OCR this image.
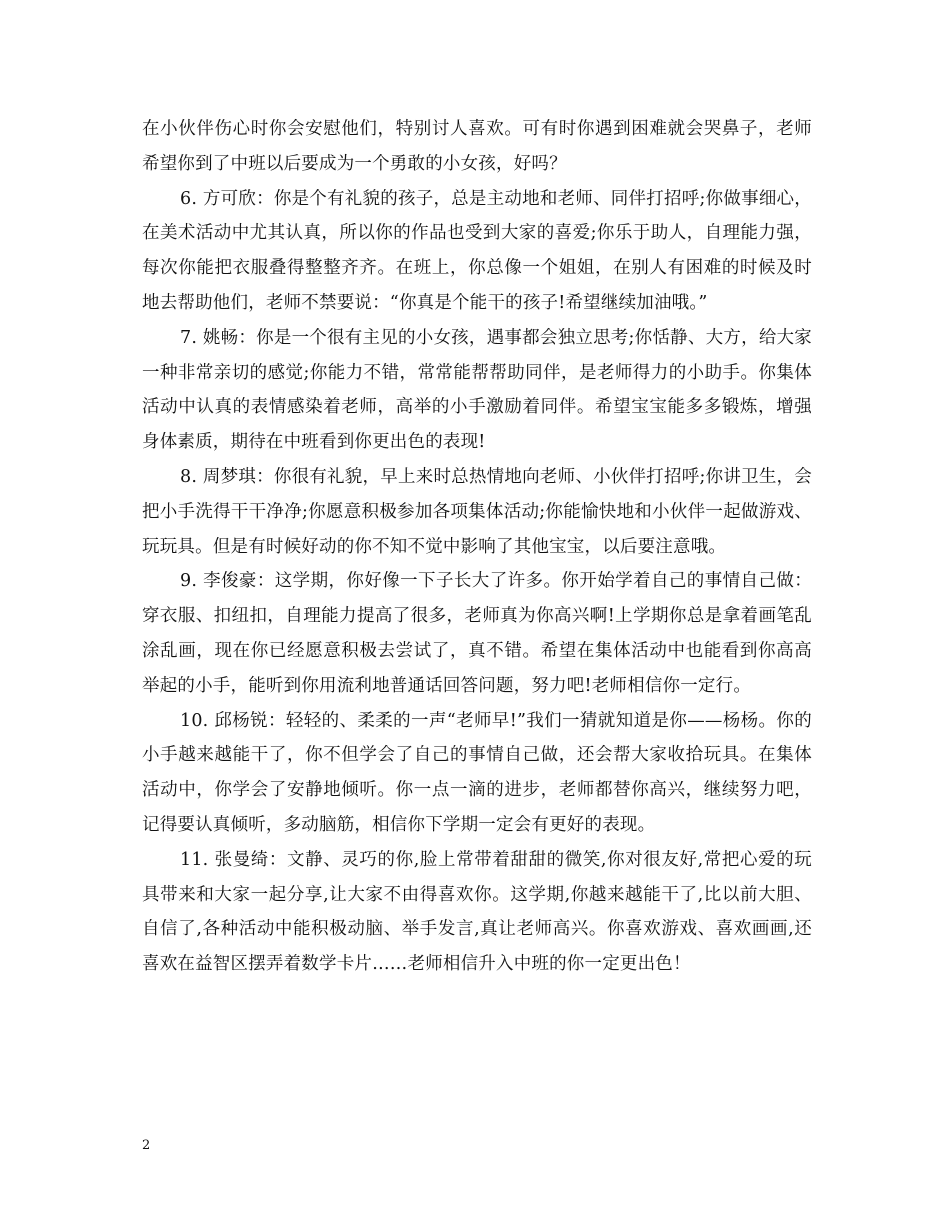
在小伙伴伤心时你会安慰他们，特别讨人喜欢。可有时你遇到困难就会哭鼻子，老师希望你到了中班以后要成为一个勇敢的小女孩，好吗？

6. 方可欣：你是个有礼貌的孩子，总是主动地和老师、同伴打招呼;你做事细心，在美术活动中尤其认真，所以你的作品也受到大家的喜爱;你乐于助人，自理能力强，每次你能把衣服叠得整整齐齐。在班上，你总像一个姐姐，在别人有困难的时候及时地去帮助他们，老师不禁要说：“你真是个能干的孩子!希望继续加油哦。”

7. 姚畅：你是一个很有主见的小女孩，遇事都会独立思考;你恬静、大方，给大家一种非常亲切的感觉;你能力不错，常常能帮帮助同伴，是老师得力的小助手。你集体活动中认真的表情感染着老师，高举的小手激励着同伴。希望宝宝能多多锻炼，增强身体素质，期待在中班看到你更出色的表现!

8. 周梦琪：你很有礼貌，早上来时总热情地向老师、小伙伴打招呼;你讲卫生，会把小手洗得干干净净;你愿意积极参加各项集体活动;你能愉快地和小伙伴一起做游戏、玩玩具。但是有时候好动的你不知不觉中影响了其他宝宝，以后要注意哦。

9. 李俊豪：这学期，你好像一下子长大了许多。你开始学着自己的事情自己做：穿衣服、扣纽扣，自理能力提高了很多，老师真为你高兴啊!上学期你总是拿着画笔乱涂乱画，现在你已经愿意积极去尝试了，真不错。希望在集体活动中也能看到你高高举起的小手，能听到你用流利地普通话回答问题，努力吧!老师相信你一定行。

10. 邱杨锐：轻轻的、柔柔的一声“老师早!”我们一猜就知道是你——杨杨。你的小手越来越能干了，你不但学会了自己的事情自己做，还会帮大家收拾玩具。在集体活动中，你学会了安静地倾听。你一点一滴的进步，老师都替你高兴，继续努力吧，记得要认真倾听，多动脑筋，相信你下学期一定会有更好的表现。

11. 张曼绮：文静、灵巧的你,脸上常带着甜甜的微笑,你对很友好,常把心爱的玩具带来和大家一起分享,让大家不由得喜欢你。这学期,你越来越能干了,比以前大胆、自信了,各种活动中能积极动脑、举手发言,真让老师高兴。你喜欢游戏、喜欢画画,还喜欢在益智区摆弄着数学卡片……老师相信升入中班的你一定更出色！

2
